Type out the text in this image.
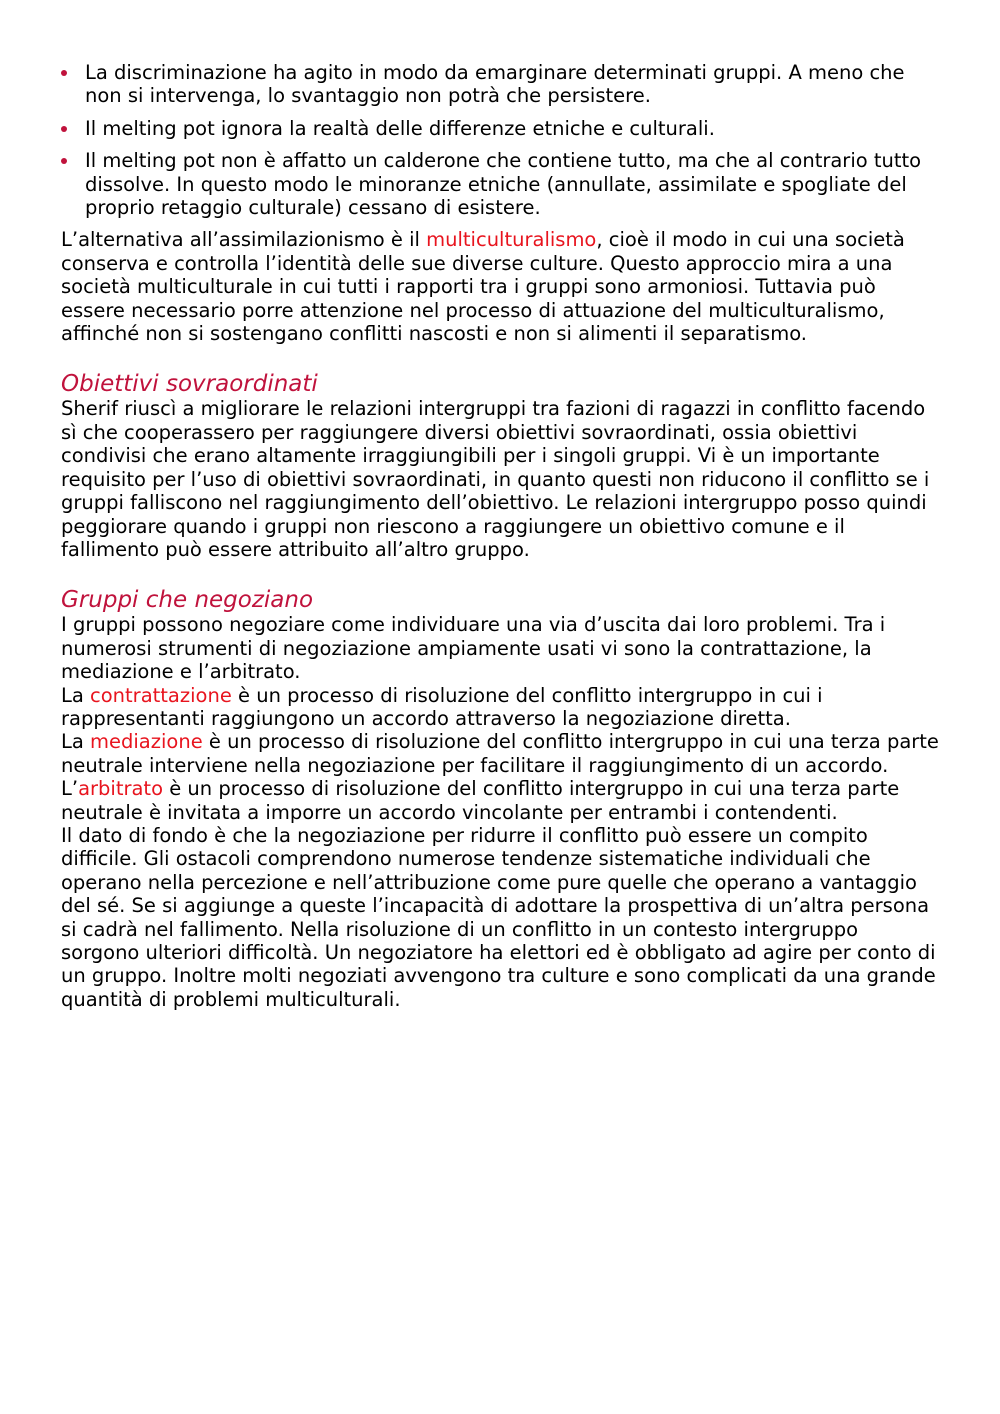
La discriminazione ha agito in modo da emarginare determinati gruppi. A meno che non si intervenga, lo svantaggio non potrà che persistere.
Il melting pot ignora la realtà delle differenze etniche e culturali.
Il melting pot non è affatto un calderone che contiene tutto, ma che al contrario tutto dissolve. In questo modo le minoranze etniche (annullate, assimilate e spogliate del proprio retaggio culturale) cessano di esistere.

L’alternativa all’assimilazionismo è il multiculturalismo, cioè il modo in cui una società conserva e controlla l’identità delle sue diverse culture. Questo approccio mira a una società multiculturale in cui tutti i rapporti tra i gruppi sono armoniosi. Tuttavia può essere necessario porre attenzione nel processo di attuazione del multiculturalismo, affinché non si sostengano conflitti nascosti e non si alimenti il separatismo.

Obiettivi sovraordinati

Sherif riuscì a migliorare le relazioni intergruppi tra fazioni di ragazzi in conflitto facendo sì che cooperassero per raggiungere diversi obiettivi sovraordinati, ossia obiettivi condivisi che erano altamente irraggiungibili per i singoli gruppi. Vi è un importante requisito per l’uso di obiettivi sovraordinati, in quanto questi non riducono il conflitto se i gruppi falliscono nel raggiungimento dell’obiettivo. Le relazioni intergruppo posso quindi peggiorare quando i gruppi non riescono a raggiungere un obiettivo comune e il fallimento può essere attribuito all’altro gruppo.

Gruppi che negoziano

I gruppi possono negoziare come individuare una via d’uscita dai loro problemi. Tra i numerosi strumenti di negoziazione ampiamente usati vi sono la contrattazione, la mediazione e l’arbitrato.

La contrattazione è un processo di risoluzione del conflitto intergruppo in cui i rappresentanti raggiungono un accordo attraverso la negoziazione diretta.

La mediazione è un processo di risoluzione del conflitto intergruppo in cui una terza parte neutrale interviene nella negoziazione per facilitare il raggiungimento di un accordo.

L’arbitrato è un processo di risoluzione del conflitto intergruppo in cui una terza parte neutrale è invitata a imporre un accordo vincolante per entrambi i contendenti.

Il dato di fondo è che la negoziazione per ridurre il conflitto può essere un compito difficile. Gli ostacoli comprendono numerose tendenze sistematiche individuali che operano nella percezione e nell’attribuzione come pure quelle che operano a vantaggio del sé. Se si aggiunge a queste l’incapacità di adottare la prospettiva di un’altra persona si cadrà nel fallimento. Nella risoluzione di un conflitto in un contesto intergruppo sorgono ulteriori difficoltà. Un negoziatore ha elettori ed è obbligato ad agire per conto di un gruppo. Inoltre molti negoziati avvengono tra culture e sono complicati da una grande quantità di problemi multiculturali.
